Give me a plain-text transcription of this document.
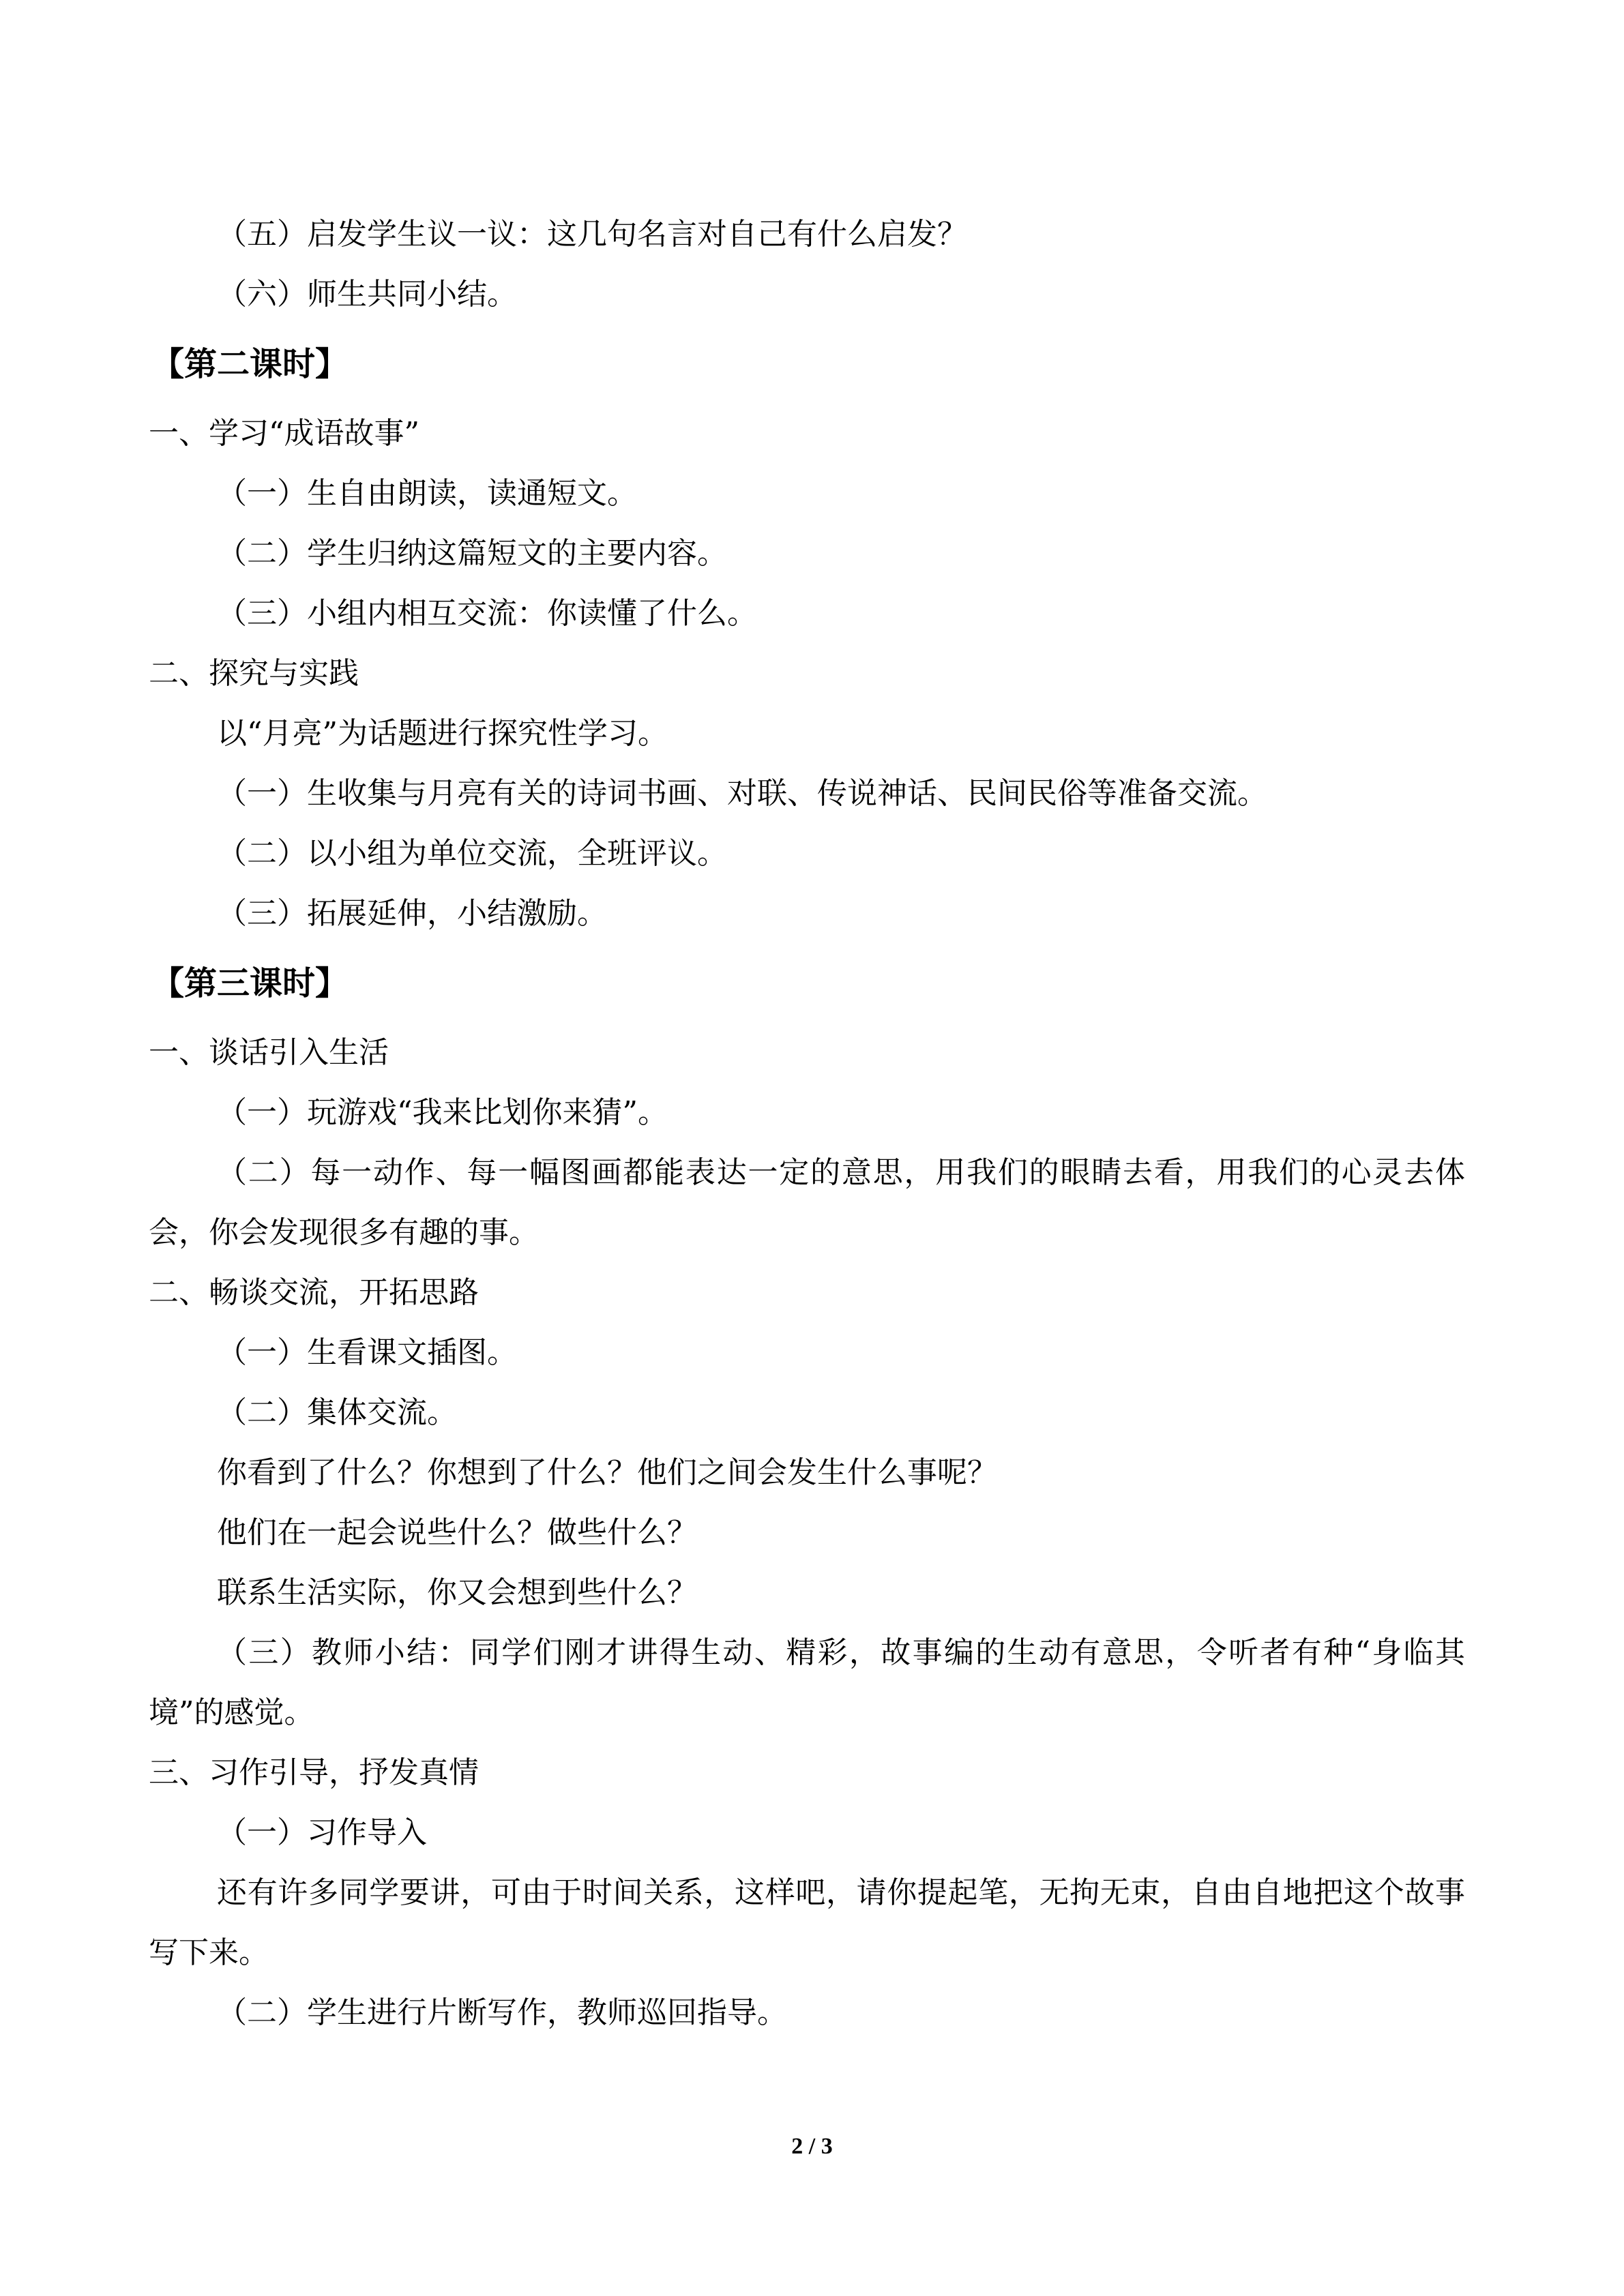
（五）启发学生议一议：这几句名言对自己有什么启发？

（六）师生共同小结。

【第二课时】

一、学习“成语故事”

（一）生自由朗读，读通短文。

（二）学生归纳这篇短文的主要内容。

（三）小组内相互交流：你读懂了什么。

二、探究与实践

以“月亮”为话题进行探究性学习。

（一）生收集与月亮有关的诗词书画、对联、传说神话、民间民俗等准备交流。

（二）以小组为单位交流，全班评议。

（三）拓展延伸，小结激励。

【第三课时】

一、谈话引入生活

（一）玩游戏“我来比划你来猜”。

（二）每一动作、每一幅图画都能表达一定的意思，用我们的眼睛去看，用我们的心灵去体会，你会发现很多有趣的事。

二、畅谈交流，开拓思路

（一）生看课文插图。

（二）集体交流。

你看到了什么？你想到了什么？他们之间会发生什么事呢？

他们在一起会说些什么？做些什么？

联系生活实际，你又会想到些什么？

（三）教师小结：同学们刚才讲得生动、精彩，故事编的生动有意思，令听者有种“身临其境”的感觉。

三、习作引导，抒发真情

（一）习作导入

还有许多同学要讲，可由于时间关系，这样吧，请你提起笔，无拘无束，自由自地把这个故事写下来。

（二）学生进行片断写作，教师巡回指导。

2 / 3
